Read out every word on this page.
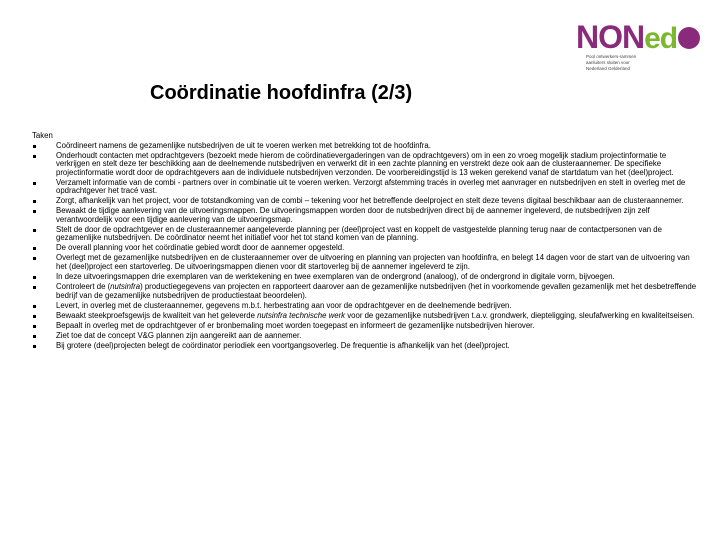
NONed
Pool ontwerkers-rammen
aanluiters sluiten voor
Nederland Gelderland
Coördinatie hoofdinfra (2/3)
Taken
Coördineert namens de gezamenlijke nutsbedrijven de uit te voeren werken met betrekking tot de hoofdinfra.
Onderhoudt contacten met opdrachtgevers (bezoekt mede hierom de coördinatievergaderingen van de opdrachtgevers) om in een zo vroeg mogelijk stadium projectinformatie te verkrijgen en stelt deze ter beschikking aan de deelnemende nutsbedrijven en verwerkt dit in een zachte planning en verstrekt deze ook aan de clusteraannemer. De specifieke projectinformatie wordt door de opdrachtgevers aan de individuele nutsbedrijven verzonden. De voorbereidingstijd is 13 weken gerekend vanaf de startdatum van het (deel)project.
Verzamelt informatie van de combi - partners over in combinatie uit te voeren werken. Verzorgt afstemming tracés in overleg met aanvrager en nutsbedrijven en stelt in overleg met de opdrachtgever het tracé vast.
Zorgt, afhankelijk van het project, voor de totstandkoming van de combi – tekening voor het betreffende deelproject en stelt deze tevens digitaal beschikbaar aan de clusteraannemer.
Bewaakt de tijdige aanlevering van de uitvoeringsmappen. De uitvoeringsmappen worden door de nutsbedrijven direct bij de aannemer ingeleverd, de nutsbedrijven zijn zelf verantwoordelijk voor een tijdige aanlevering van de uitvoeringsmap.
Stelt de door de opdrachtgever en de clusteraannemer aangeleverde planning per (deel)project vast en koppelt de vastgestelde planning terug naar de contactpersonen van de gezamenlijke nutsbedrijven. De coördinator neemt het initiatief voor het tot stand komen van de planning.
De overall planning voor het coördinatie gebied wordt door de aannemer opgesteld.
Overlegt met de gezamenlijke nutsbedrijven en de clusteraannemer over de uitvoering en planning van projecten van hoofdinfra, en belegt 14 dagen voor de start van de uitvoering van het (deel)project een startoverleg. De uitvoeringsmappen dienen voor dit startoverleg bij de aannemer ingeleverd te zijn.
In deze uitvoeringsmappen drie exemplaren van de werktekening en twee exemplaren van de ondergrond (analoog), of de ondergrond in digitale vorm, bijvoegen.
Controleert de (nutsinfra) productiegegevens van projecten en rapporteert daarover aan de gezamenlijke nutsbedrijven (het in voorkomende gevallen gezamenlijk met het desbetreffende bedrijf van de gezamenlijke nutsbedrijven de productiestaat beoordelen).
Levert, in overleg met de clusteraannemer, gegevens m.b.t. herbestrating aan voor de opdrachtgever en de deelnemende bedrijven.
Bewaakt steekproefsgewijs de kwaliteit van het geleverde nutsinfra technische werk voor de gezamenlijke nutsbedrijven t.a.v. grondwerk, diepteligging, sleufafwerking en kwaliteitseisen.
Bepaalt in overleg met de opdrachtgever of er bronbemaling moet worden toegepast en informeert de gezamenlijke nutsbedrijven hierover.
Ziet toe dat de concept V&G plannen zijn aangereikt aan de aannemer.
Bij grotere (deel)projecten belegt de coördinator periodiek een voortgangsoverleg. De frequentie is afhankelijk van het (deel)project.
